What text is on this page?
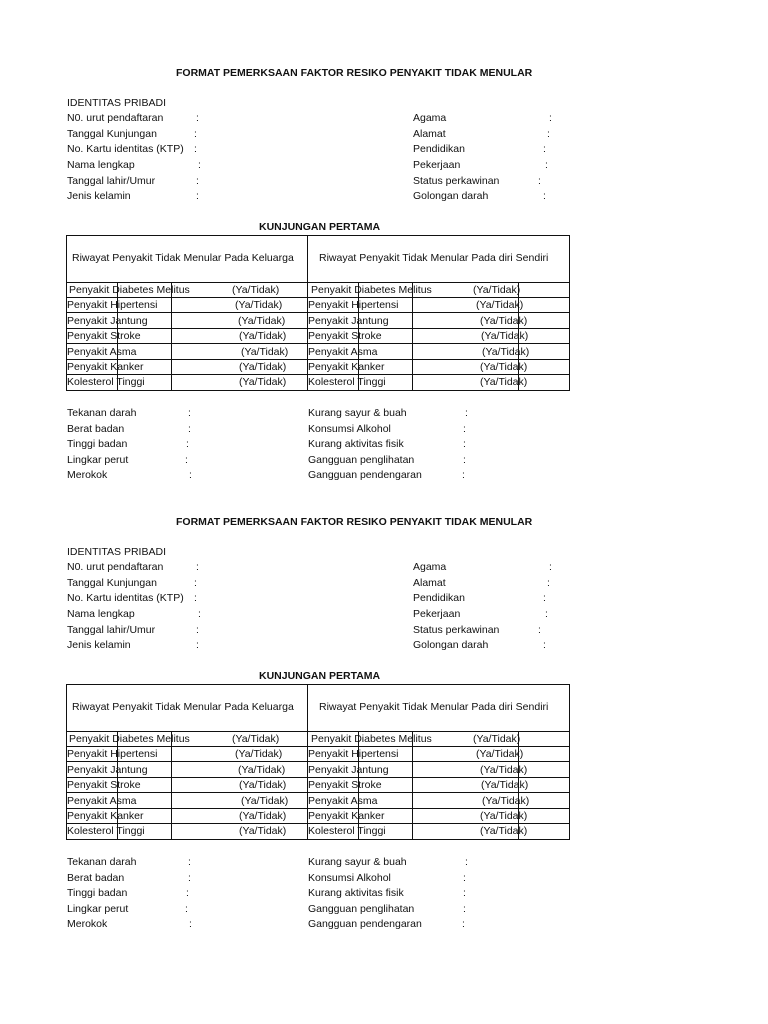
FORMAT PEMERKSAAN FAKTOR RESIKO PENYAKIT TIDAK MENULAR
IDENTITAS PRIBADI
N0. urut pendaftaran	:
Tanggal Kunjungan	:
No. Kartu identitas (KTP) :
Nama lengkap	:
Tanggal lahir/Umur	:
Jenis kelamin	:
Agama	:
Alamat	:
Pendidikan	:
Pekerjaan	:
Status perkawinan	:
Golongan darah	:
KUNJUNGAN PERTAMA
Riwayat Penyakit Tidak Menular Pada Keluarga Riwayat Penyakit Tidak Menular Pada diri Sendiri
Penyakit Diabetes Melitus	(Ya/Tidak)	Penyakit Diabetes Melitus	(Ya/Tidak)
Penyakit Hipertensi	(Ya/Tidak) Penyakit Hipertensi	(Ya/Tidak)
Penyakit Jantung	(Ya/Tidak) Penyakit Jantung	(Ya/Tidak)
Penyakit Stroke	(Ya/Tidak) Penyakit Stroke	(Ya/Tidak)
Penyakit Asma	(Ya/Tidak) Penyakit Asma	(Ya/Tidak)
Penyakit Kanker	(Ya/Tidak) Penyakit Kanker	(Ya/Tidak)
Kolesterol Tinggi	(Ya/Tidak) Kolesterol Tinggi	(Ya/Tidak)
Tekanan darah	:
Berat badan	:
Tinggi badan	:
Lingkar perut	:
Merokok	:
Kurang sayur & buah	:
Konsumsi Alkohol	:
Kurang aktivitas fisik	:
Gangguan penglihatan	:
Gangguan pendengaran	:
FORMAT PEMERKSAAN FAKTOR RESIKO PENYAKIT TIDAK MENULAR
IDENTITAS PRIBADI
N0. urut pendaftaran	:
Tanggal Kunjungan	:
No. Kartu identitas (KTP) :
Nama lengkap	:
Tanggal lahir/Umur	:
Jenis kelamin	:
Agama	:
Alamat	:
Pendidikan	:
Pekerjaan	:
Status perkawinan	:
Golongan darah	:
KUNJUNGAN PERTAMA
Riwayat Penyakit Tidak Menular Pada Keluarga Riwayat Penyakit Tidak Menular Pada diri Sendiri
Penyakit Diabetes Melitus	(Ya/Tidak)	Penyakit Diabetes Melitus	(Ya/Tidak)
Penyakit Hipertensi	(Ya/Tidak) Penyakit Hipertensi	(Ya/Tidak)
Penyakit Jantung	(Ya/Tidak) Penyakit Jantung	(Ya/Tidak)
Penyakit Stroke	(Ya/Tidak) Penyakit Stroke	(Ya/Tidak)
Penyakit Asma	(Ya/Tidak) Penyakit Asma	(Ya/Tidak)
Penyakit Kanker	(Ya/Tidak) Penyakit Kanker	(Ya/Tidak)
Kolesterol Tinggi	(Ya/Tidak) Kolesterol Tinggi	(Ya/Tidak)
Tekanan darah	:
Berat badan	:
Tinggi badan	:
Lingkar perut	:
Merokok	:
Kurang sayur & buah	:
Konsumsi Alkohol	:
Kurang aktivitas fisik	:
Gangguan penglihatan	:
Gangguan pendengaran	:
